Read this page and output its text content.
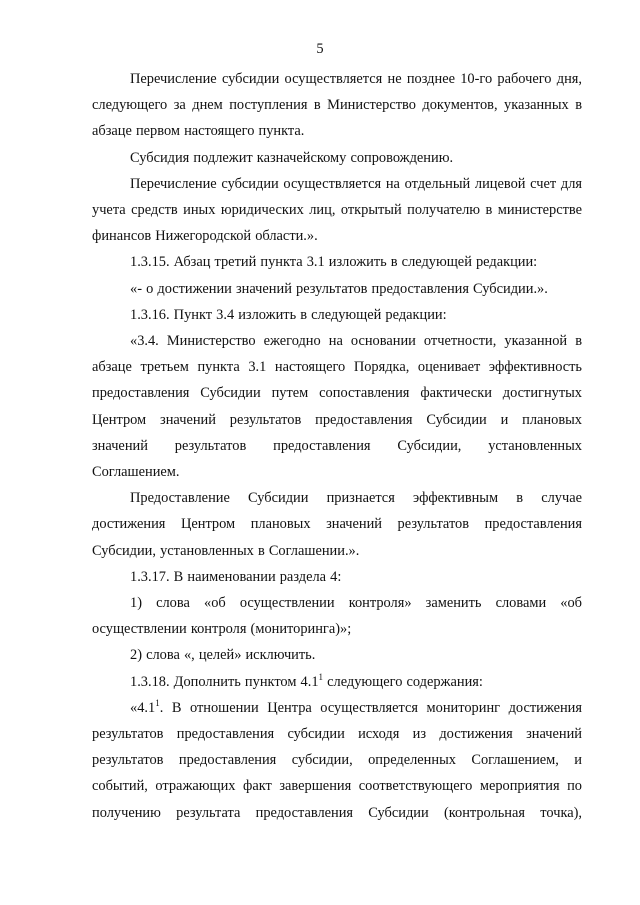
5

Перечисление субсидии осуществляется не позднее 10-го рабочего дня, следующего за днем поступления в Министерство документов, указанных в абзаце первом настоящего пункта.

Субсидия подлежит казначейскому сопровождению.

Перечисление субсидии осуществляется на отдельный лицевой счет для учета средств иных юридических лиц, открытый получателю в министерстве финансов Нижегородской области.».

1.3.15. Абзац третий пункта 3.1 изложить в следующей редакции:

«- о достижении значений результатов предоставления Субсидии.».

1.3.16. Пункт 3.4 изложить в следующей редакции:

«3.4. Министерство ежегодно на основании отчетности, указанной в абзаце третьем пункта 3.1 настоящего Порядка, оценивает эффективность предоставления Субсидии путем сопоставления фактически достигнутых Центром значений результатов предоставления Субсидии и плановых значений результатов предоставления Субсидии, установленных Соглашением.

Предоставление Субсидии признается эффективным в случае достижения Центром плановых значений результатов предоставления Субсидии, установленных в Соглашении.».

1.3.17. В наименовании раздела 4:

1) слова «об осуществлении контроля» заменить словами «об осуществлении контроля (мониторинга)»;

2) слова «, целей» исключить.

1.3.18. Дополнить пунктом $4.1^1$ следующего содержания:

«$4.1^1$. В отношении Центра осуществляется мониторинг достижения результатов предоставления субсидии исходя из достижения значений результатов предоставления субсидии, определенных Соглашением, и событий, отражающих факт завершения соответствующего мероприятия по получению результата предоставления Субсидии (контрольная точка),
